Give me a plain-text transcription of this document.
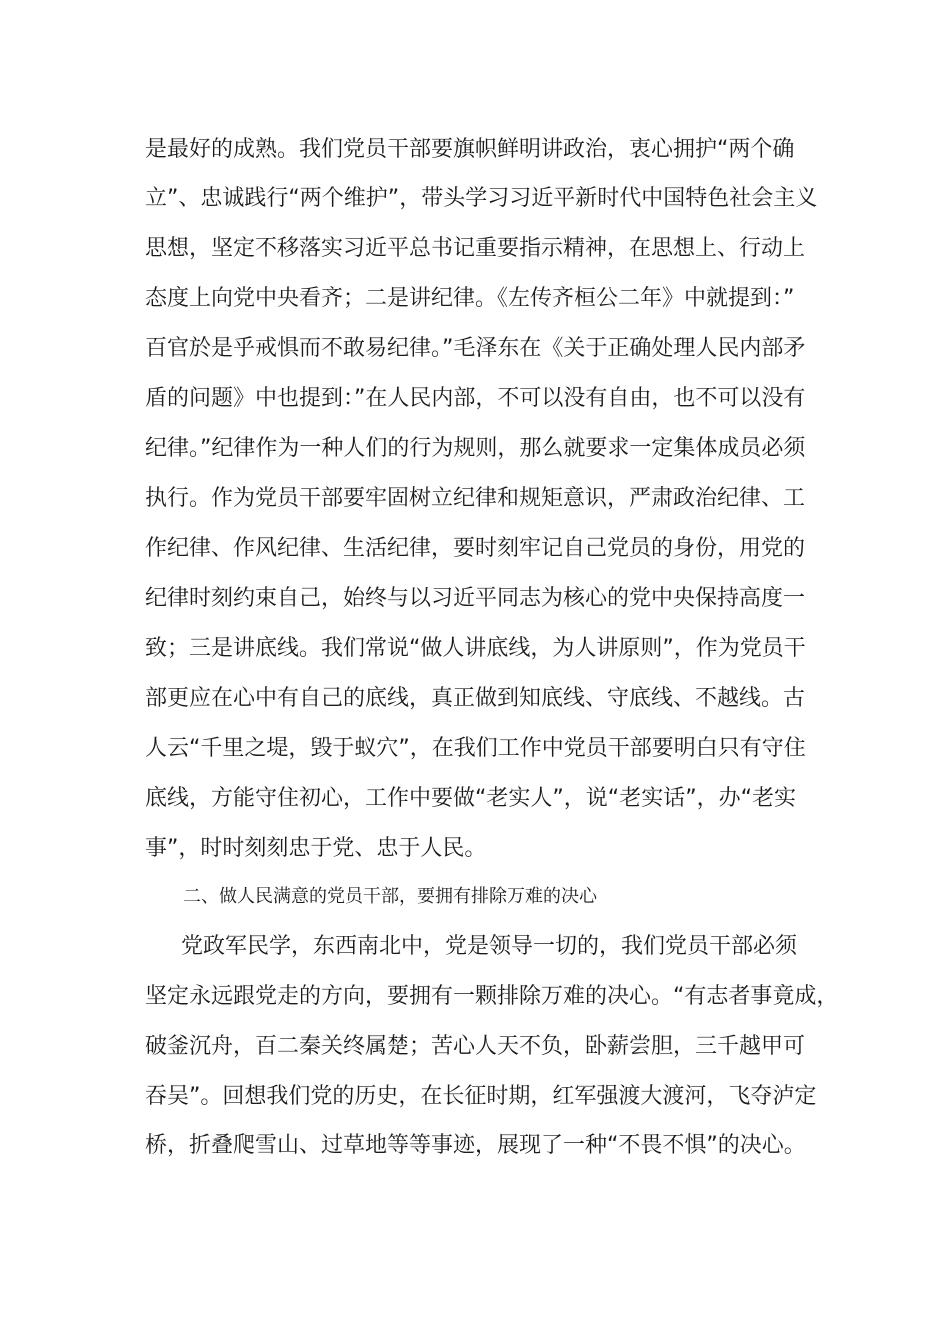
是最好的成熟。我们党员干部要旗帜鲜明讲政治，衷心拥护“两个确
立”、忠诚践行“两个维护”，带头学习习近平新时代中国特色社会主义
思想，坚定不移落实习近平总书记重要指示精神，在思想上、行动上
态度上向党中央看齐；二是讲纪律。《左传齐桓公二年》中就提到：”
百官於是乎戒惧而不敢易纪律。”毛泽东在《关于正确处理人民内部矛
盾的问题》中也提到：”在人民内部，不可以没有自由，也不可以没有
纪律。”纪律作为一种人们的行为规则，那么就要求一定集体成员必须
执行。作为党员干部要牢固树立纪律和规矩意识，严肃政治纪律、工
作纪律、作风纪律、生活纪律，要时刻牢记自己党员的身份，用党的
纪律时刻约束自己，始终与以习近平同志为核心的党中央保持高度一
致；三是讲底线。我们常说“做人讲底线，为人讲原则”，作为党员干
部更应在心中有自己的底线，真正做到知底线、守底线、不越线。古
人云“千里之堤，毁于蚁穴”，在我们工作中党员干部要明白只有守住
底线，方能守住初心，工作中要做“老实人”，说“老实话”，办“老实
事”，时时刻刻忠于党、忠于人民。
二、做人民满意的党员干部，要拥有排除万难的决心
党政军民学，东西南北中，党是领导一切的，我们党员干部必须
坚定永远跟党走的方向，要拥有一颗排除万难的决心。“有志者事竟成，
破釜沉舟，百二秦关终属楚；苦心人天不负，卧薪尝胆，三千越甲可
吞吴”。回想我们党的历史，在长征时期，红军强渡大渡河，飞夺泸定
桥，折叠爬雪山、过草地等等事迹，展现了一种“不畏不惧”的决心。
